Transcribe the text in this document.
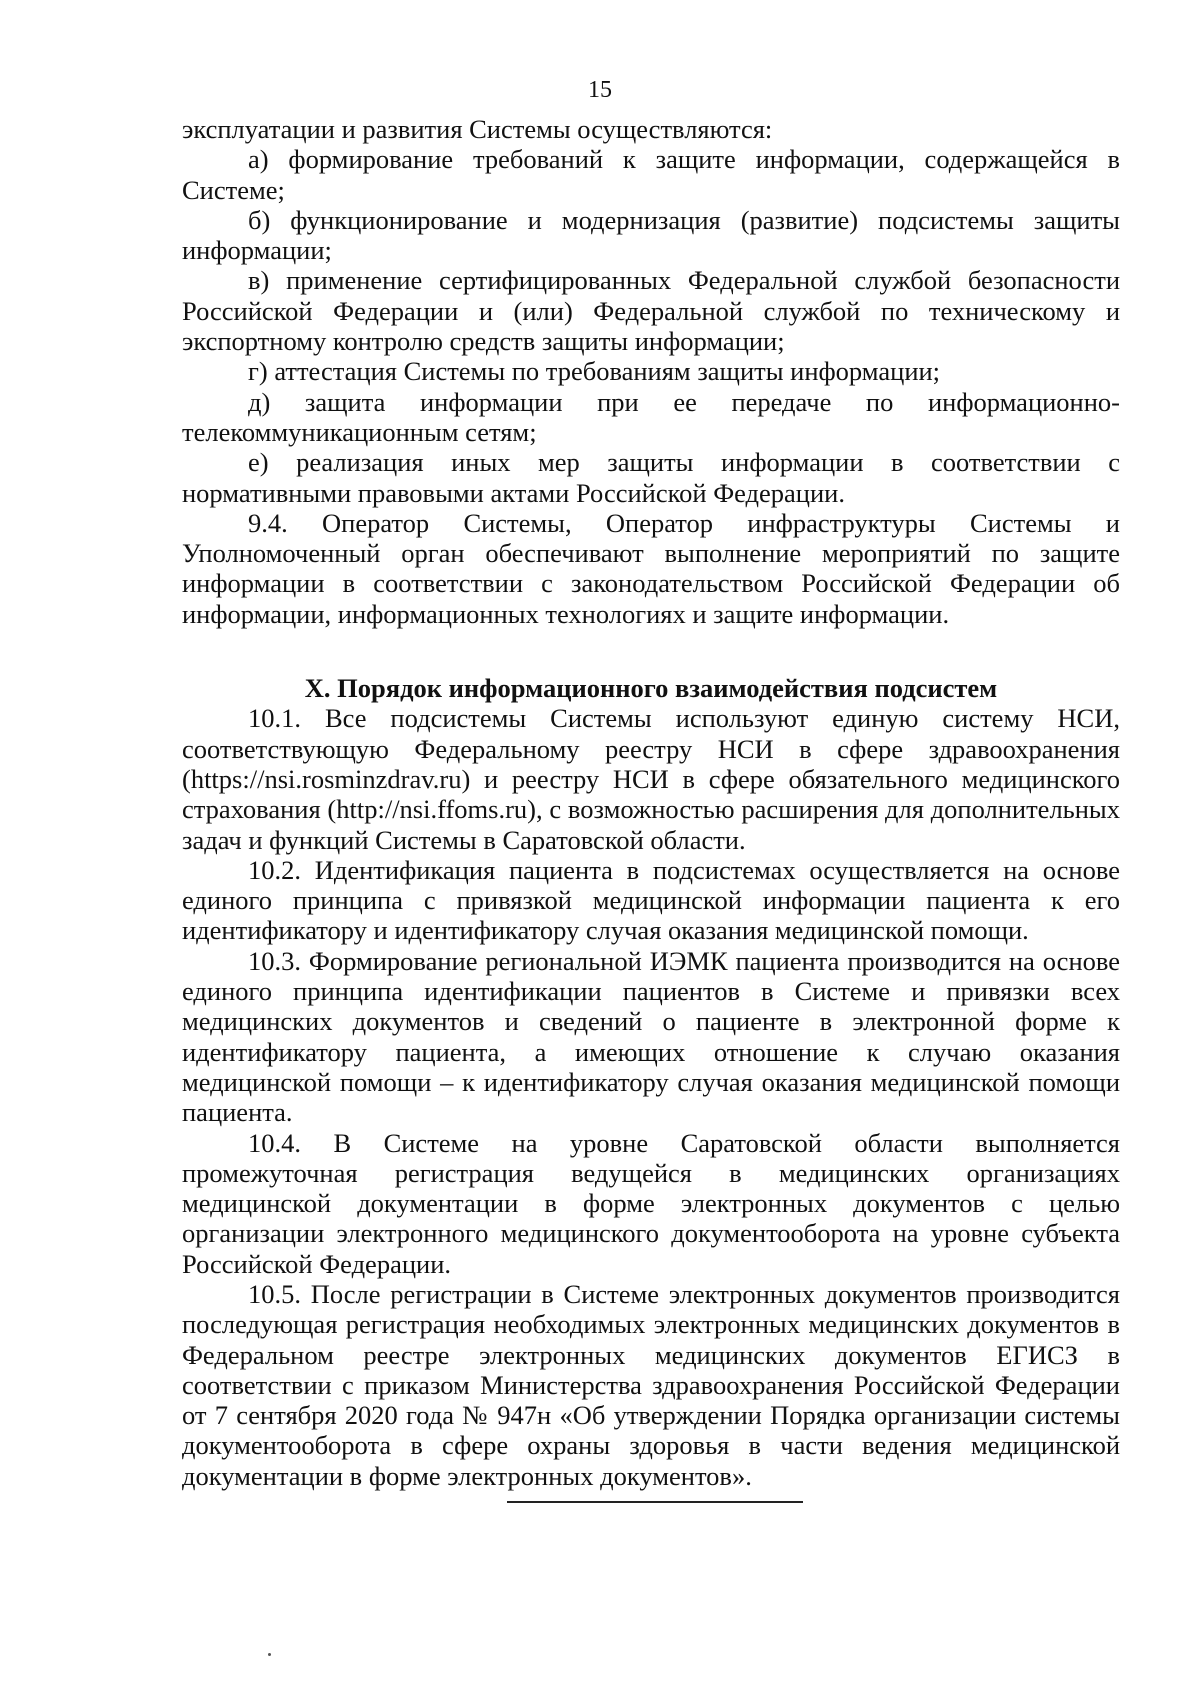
15

эксплуатации и развития Системы осуществляются:

а) формирование требований к защите информации, содержащейся в Системе;

б) функционирование и модернизация (развитие) подсистемы защиты информации;

в) применение сертифицированных Федеральной службой безопасности Российской Федерации и (или) Федеральной службой по техническому и экспортному контролю средств защиты информации;

г) аттестация Системы по требованиям защиты информации;

д) защита информации при ее передаче по информационно-телекоммуникационным сетям;

е) реализация иных мер защиты информации в соответствии с нормативными правовыми актами Российской Федерации.

9.4. Оператор Системы, Оператор инфраструктуры Системы и Уполномоченный орган обеспечивают выполнение мероприятий по защите информации в соответствии с законодательством Российской Федерации об информации, информационных технологиях и защите информации.

X. Порядок информационного взаимодействия подсистем

10.1. Все подсистемы Системы используют единую систему НСИ, соответствующую Федеральному реестру НСИ в сфере здравоохранения (https://nsi.rosminzdrav.ru) и реестру НСИ в сфере обязательного медицинского страхования (http://nsi.ffoms.ru), с возможностью расширения для дополнительных задач и функций Системы в Саратовской области.

10.2. Идентификация пациента в подсистемах осуществляется на основе единого принципа с привязкой медицинской информации пациента к его идентификатору и идентификатору случая оказания медицинской помощи.

10.3. Формирование региональной ИЭМК пациента производится на основе единого принципа идентификации пациентов в Системе и привязки всех медицинских документов и сведений о пациенте в электронной форме к идентификатору пациента, а имеющих отношение к случаю оказания медицинской помощи – к идентификатору случая оказания медицинской помощи пациента.

10.4. В Системе на уровне Саратовской области выполняется промежуточная регистрация ведущейся в медицинских организациях медицинской документации в форме электронных документов с целью организации электронного медицинского документооборота на уровне субъекта Российской Федерации.

10.5. После регистрации в Системе электронных документов производится последующая регистрация необходимых электронных медицинских документов в Федеральном реестре электронных медицинских документов ЕГИСЗ в соответствии с приказом Министерства здравоохранения Российской Федерации от 7 сентября 2020 года № 947н «Об утверждении Порядка организации системы документооборота в сфере охраны здоровья в части ведения медицинской документации в форме электронных документов».
